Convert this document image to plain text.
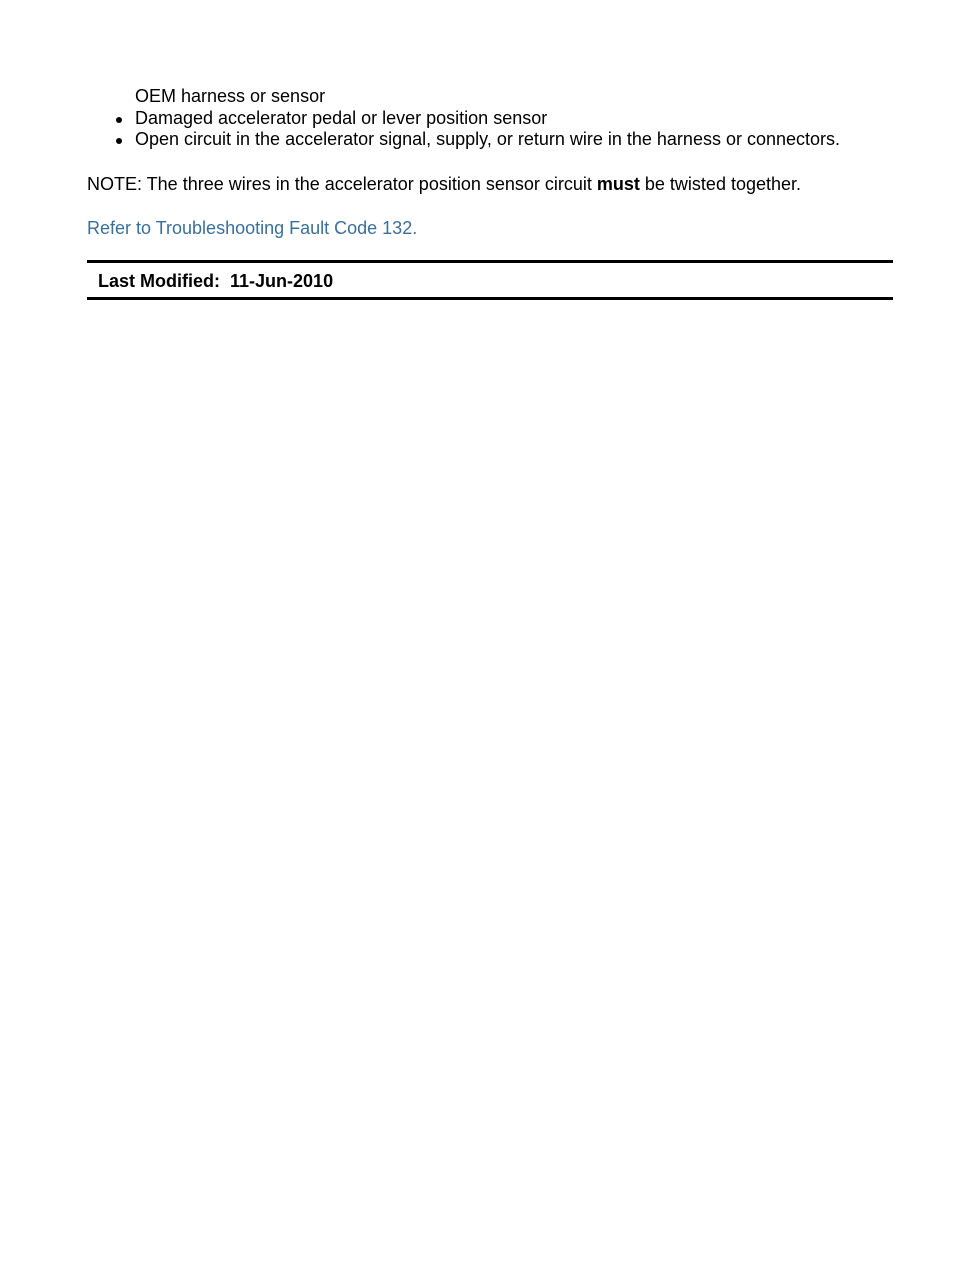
OEM harness or sensor
Damaged accelerator pedal or lever position sensor
Open circuit in the accelerator signal, supply, or return wire in the harness or connectors.
NOTE: The three wires in the accelerator position sensor circuit must be twisted together.
Refer to Troubleshooting Fault Code 132.
Last Modified: 11-Jun-2010
